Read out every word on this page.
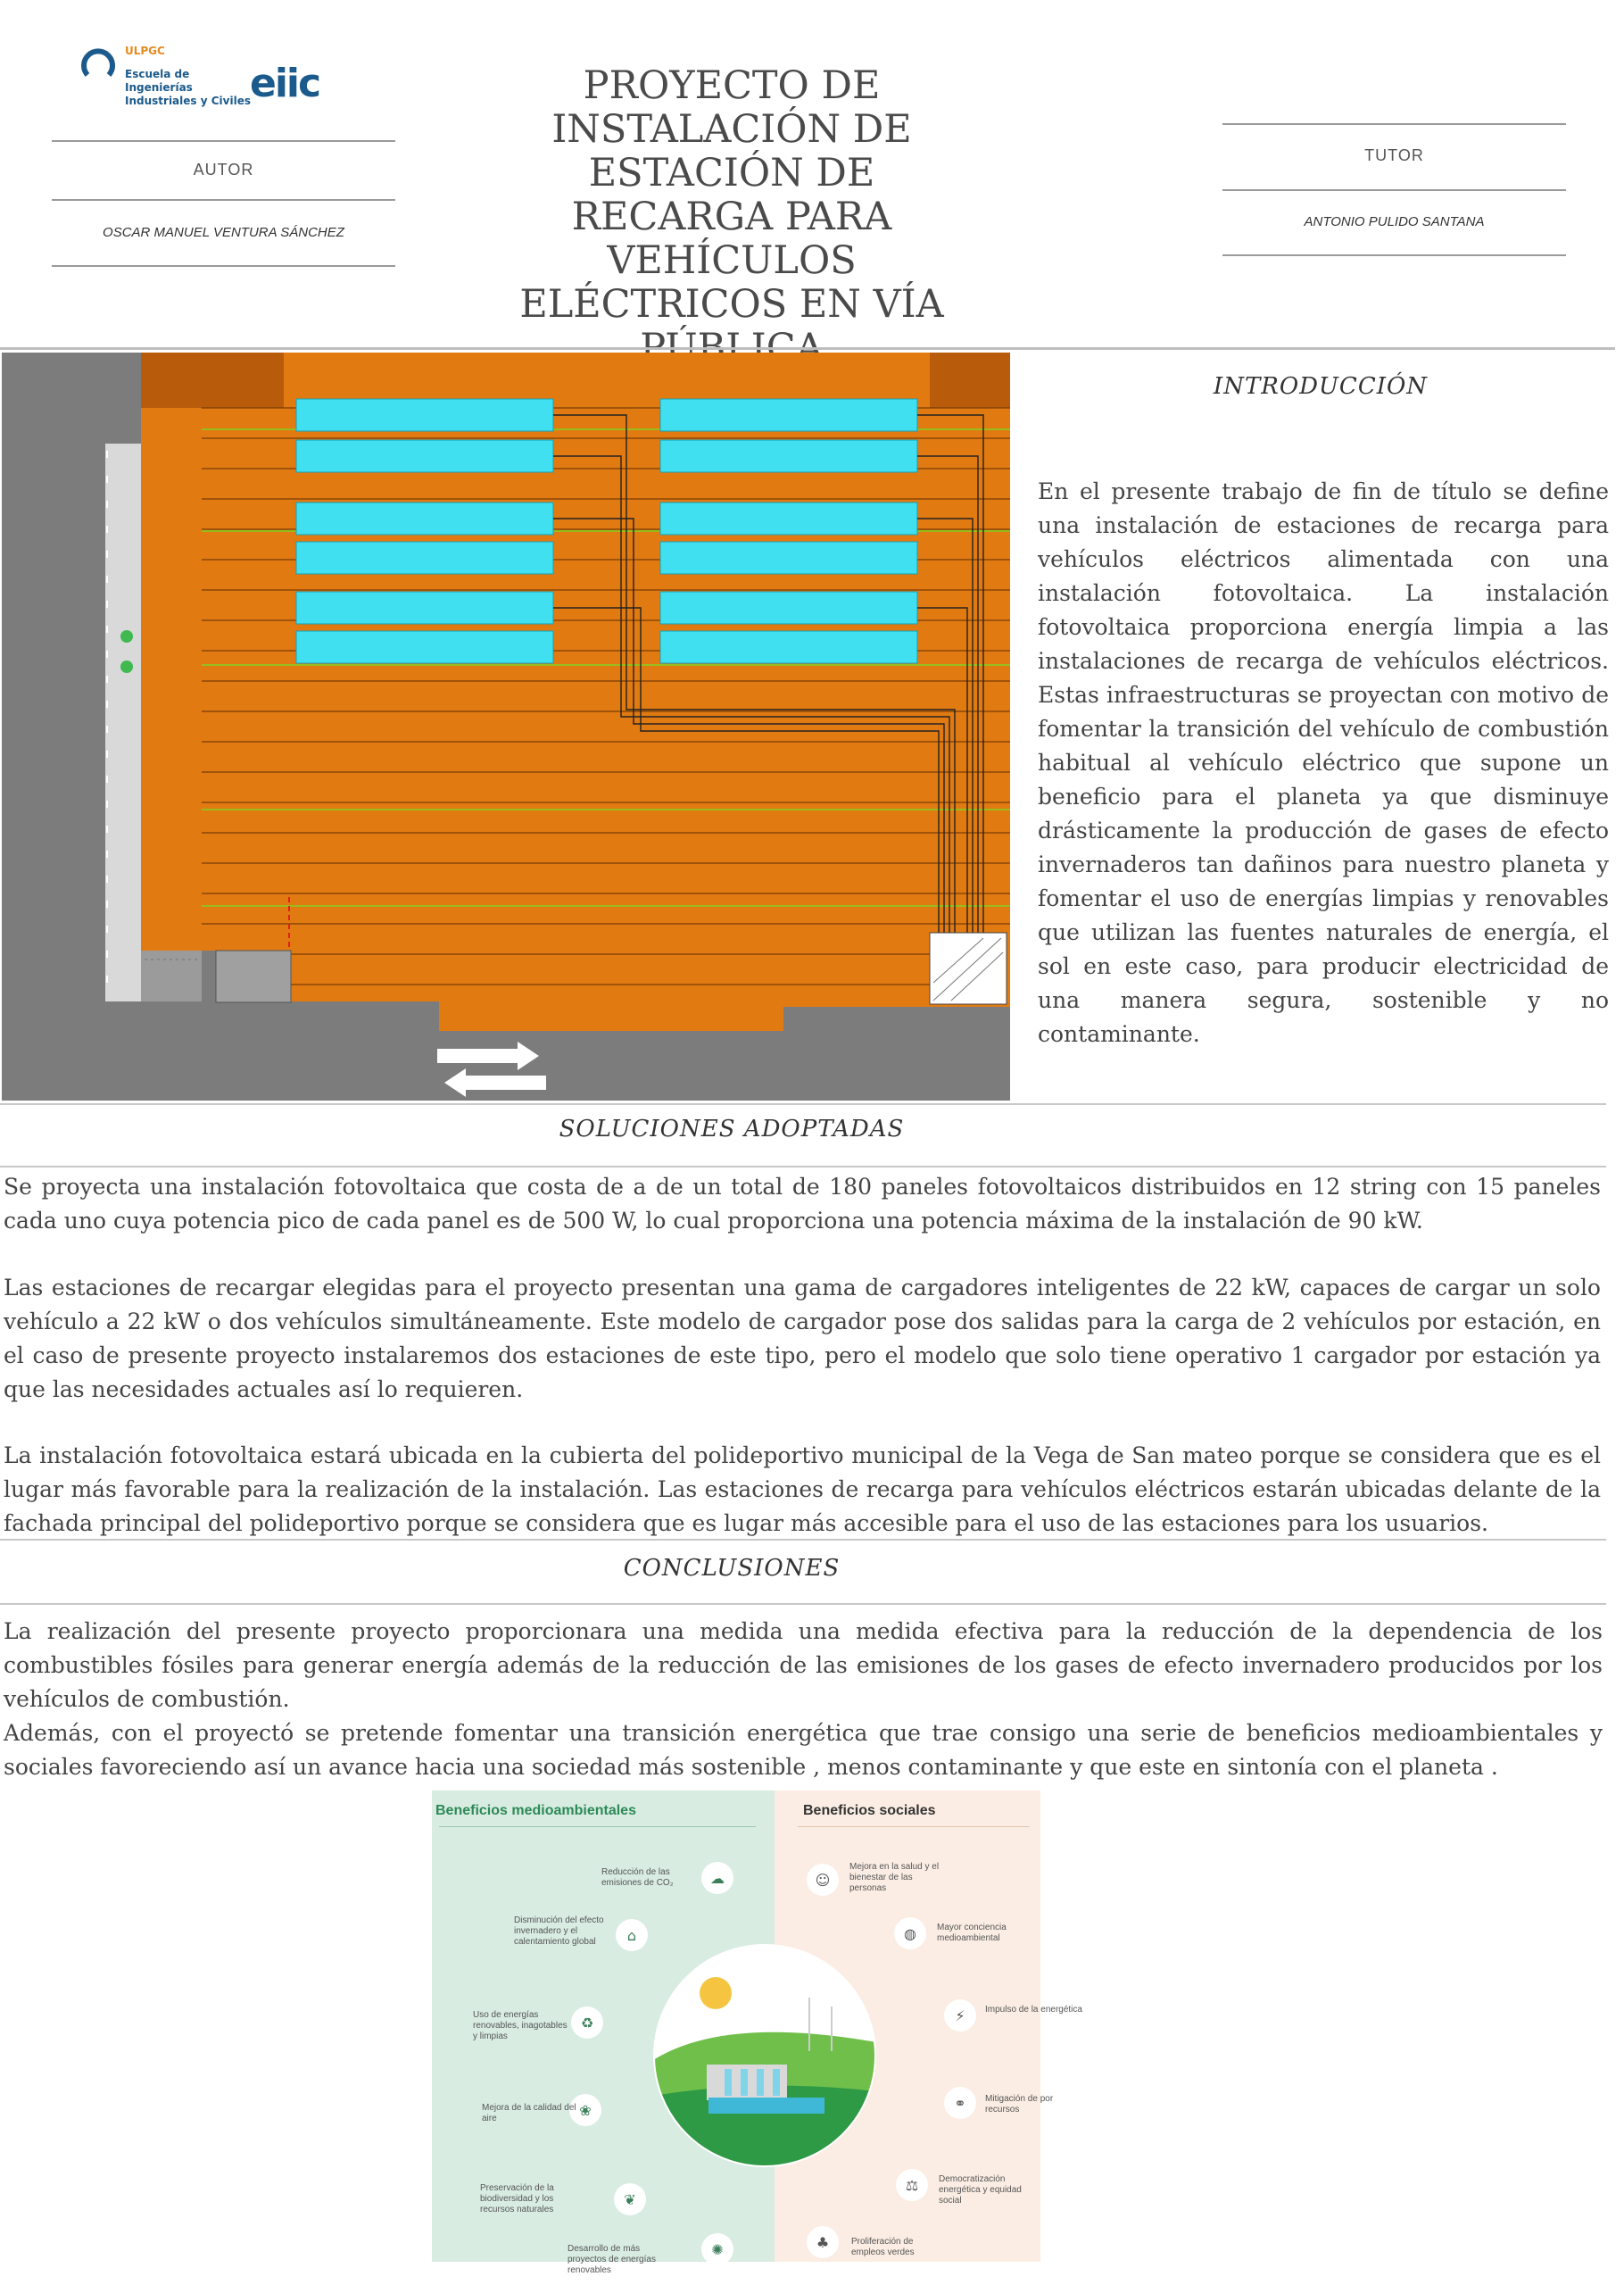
ULPGC
Escuela de Ingenierías Industriales y Civiles eiic
AUTOR
OSCAR MANUEL VENTURA SÁNCHEZ
PROYECTO DE INSTALACIÓN DE ESTACIÓN DE RECARGA PARA VEHÍCULOS ELÉCTRICOS EN VÍA
TUTOR
ANTONIO PULIDO SANTANA
INTRODUCCIÓN
En el presente trabajo de fin de título se define una instalación de estaciones de recarga para vehículos eléctricos alimentada con una instalación fotovoltaica. La instalación fotovoltaica proporciona energía limpia a las instalaciones de recarga de vehículos eléctricos. Estas infraestructuras se proyectan con motivo de fomentar la transición del vehículo de combustión habitual al vehículo eléctrico que supone un beneficio para el planeta ya que disminuye drásticamente la producción de gases de efecto invernaderos tan dañinos para nuestro planeta y fomentar el uso de energías limpias y renovables que utilizan las fuentes naturales de energía, el sol en este caso, para producir electricidad de una manera segura, sostenible y no contaminante.
SOLUCIONES ADOPTADAS
Se proyecta una instalación fotovoltaica que costa de a de un total de 180 paneles fotovoltaicos distribuidos en 12 string con 15 paneles cada uno cuya potencia pico de cada panel es de 500 W, lo cual proporciona una potencia máxima de la instalación de 90 kW.
Las estaciones de recargar elegidas para el proyecto presentan una gama de cargadores inteligentes de 22 kW, capaces de cargar un solo vehículo a 22 kW o dos vehículos simultáneamente. Este modelo de cargador pose dos salidas para la carga de 2 vehículos por estación, en el caso de presente proyecto instalaremos dos estaciones de este tipo, pero el modelo que solo tiene operativo 1 cargador por estación ya que las necesidades actuales así lo requieren.
La instalación fotovoltaica estará ubicada en la cubierta del polideportivo municipal de la Vega de San mateo porque se considera que es el lugar más favorable para la realización de la instalación. Las estaciones de recarga para vehículos eléctricos estarán ubicadas delante de la fachada principal del polideportivo porque se considera que es lugar más accesible para el uso de las estaciones para los usuarios.
CONCLUSIONES
La realización del presente proyecto proporcionara una medida una medida efectiva para la reducción de la dependencia de los combustibles fósiles para generar energía además de la reducción de las emisiones de los gases de efecto invernadero producidos por los vehículos de combustión.
Además, con el proyectó se pretende fomentar una transición energética que trae consigo una serie de beneficios medioambientales y sociales favoreciendo así un avance hacia una sociedad más sostenible , menos contaminante y que este en sintonía con el planeta .
Beneficios medioambientales	Beneficios sociales
☁
Reducción de las emisiones de CO₂
⌂
Disminución del efecto invernadero y el calentamiento global
♻
Uso de energías renovables, inagotables y limpias
❀
Mejora de la calidad del aire
❦
Preservación de la biodiversidad y los recursos naturales
✺
Desarrollo de más proyectos de energías renovables
☺
Mejora en la salud y el bienestar de las personas
◍	Mayor conciencia medioambiental
⚡	Impulso de la energética
⚭	Mitigación de por recursos
⚖	Democratización energética y equidad social
♣	Proliferación de empleos verdes
